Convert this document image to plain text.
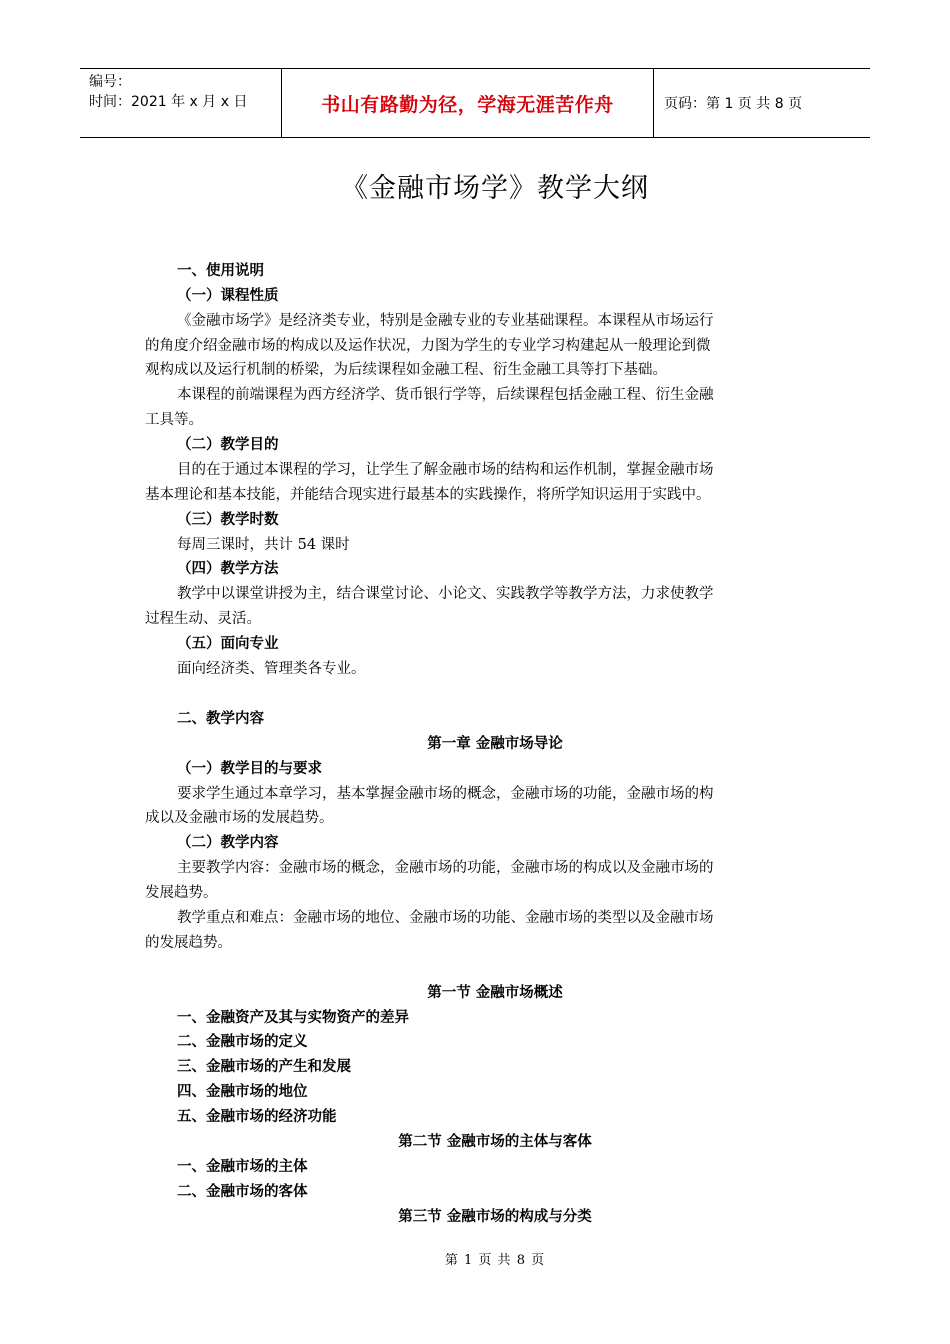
编号：
时间：2021 年 x 月 x 日	书山有路勤为径，学海无涯苦作舟	页码：第 1 页 共 8 页
《金融市场学》教学大纲
一、使用说明
（一）课程性质
《金融市场学》是经济类专业，特别是金融专业的专业基础课程。本课程从市场运行
的角度介绍金融市场的构成以及运作状况，力图为学生的专业学习构建起从一般理论到微
观构成以及运行机制的桥梁，为后续课程如金融工程、衍生金融工具等打下基础。
本课程的前端课程为西方经济学、货币银行学等，后续课程包括金融工程、衍生金融
工具等。
（二）教学目的
目的在于通过本课程的学习，让学生了解金融市场的结构和运作机制，掌握金融市场
基本理论和基本技能，并能结合现实进行最基本的实践操作，将所学知识运用于实践中。
（三）教学时数
每周三课时，共计 54 课时
（四）教学方法
教学中以课堂讲授为主，结合课堂讨论、小论文、实践教学等教学方法，力求使教学
过程生动、灵活。
（五）面向专业
面向经济类、管理类各专业。
二、教学内容
第一章 金融市场导论
（一）教学目的与要求
要求学生通过本章学习，基本掌握金融市场的概念，金融市场的功能，金融市场的构
成以及金融市场的发展趋势。
（二）教学内容
主要教学内容：金融市场的概念，金融市场的功能，金融市场的构成以及金融市场的
发展趋势。
教学重点和难点：金融市场的地位、金融市场的功能、金融市场的类型以及金融市场
的发展趋势。
第一节 金融市场概述
一、金融资产及其与实物资产的差异
二、金融市场的定义
三、金融市场的产生和发展
四、金融市场的地位
五、金融市场的经济功能
第二节 金融市场的主体与客体
一、金融市场的主体
二、金融市场的客体
第三节 金融市场的构成与分类
第 1 页 共 8 页
